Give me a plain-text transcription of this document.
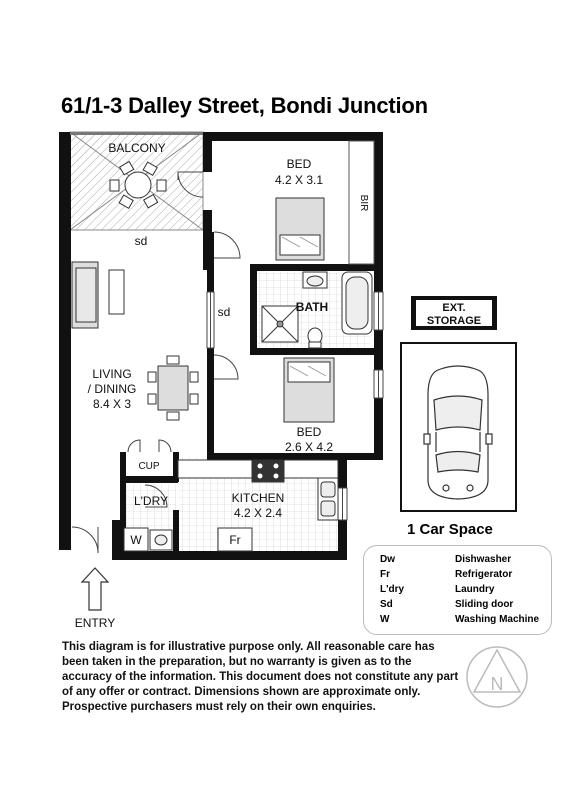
61/1-3 Dalley Street, Bondi Junction
EXT.
STORAGE
N
BALCONY
BED
4.2 X 3.1
BIR
sd
BATH
sd
LIVING
/ DINING
8.4 X 3
BED
2.6 X 4.2
CUP
L'DRY
W
KITCHEN
4.2 X 2.4
Fr
ENTRY
1 Car Space
Dw	Dishwasher
Fr	Refrigerator
L'dry	Laundry
Sd	Sliding door
W	Washing Machine
This diagram is for illustrative purpose only. All reasonable care has been taken in the preparation, but no warranty is given as to the accuracy of the information. This document does not constitute any part of any offer or contract. Dimensions shown are approximate only. Prospective purchasers must rely on their own enquiries.
